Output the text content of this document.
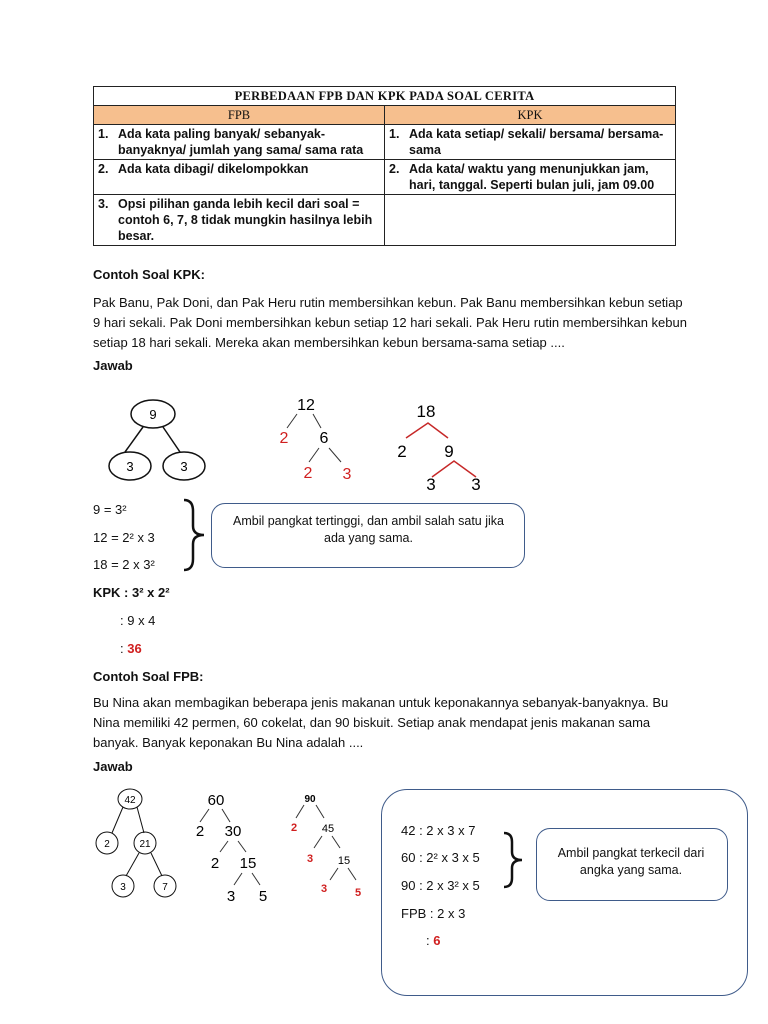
PERBEDAAN FPB DAN KPK PADA SOAL CERITA	
FPB	KPK
1. Ada kata paling banyak/ sebanyak-banyaknya/ jumlah yang sama/ sama rata	1. Ada kata setiap/ sekali/ bersama/ bersama-sama
2. Ada kata dibagi/ dikelompokkan	2. Ada kata/ waktu yang menunjukkan jam, hari, tanggal. Seperti bulan juli, jam 09.00
3. Opsi pilihan ganda lebih kecil dari soal = contoh 6, 7, 8 tidak mungkin hasilnya lebih besar.	
Contoh Soal KPK:
Pak Banu, Pak Doni, dan Pak Heru rutin membersihkan kebun. Pak Banu membersihkan kebun setiap 9 hari sekali. Pak Doni membersihkan kebun setiap 12 hari sekali. Pak Heru rutin membersihkan kebun setiap 18 hari sekali. Mereka akan membersihkan kebun bersama-sama setiap ....
Jawab
9
3	3
12
2 6
2 3
18
2 9
3 3
9 = 3²
12 = 2² x 3
18 = 2 x 3²
KPK : 3² x 2²
: 9 x 4
: 36
Ambil pangkat tertinggi, dan ambil salah satu jika ada yang sama.
Contoh Soal FPB:
Bu Nina akan membagikan beberapa jenis makanan untuk keponakannya sebanyak-banyaknya. Bu Nina memiliki 42 permen, 60 cokelat, dan 90 biskuit. Setiap anak mendapat jenis makanan sama banyak. Banyak keponakan Bu Nina adalah ....
Jawab
42
2	21
3	7
60
2 30
2 15
3 5
90
2 45
3 15
3	5
42 : 2 x 3 x 7
60 : 2² x 3 x 5
90 : 2 x 3² x 5
FPB : 2 x 3
: 6
Ambil pangkat terkecil dari angka yang sama.
